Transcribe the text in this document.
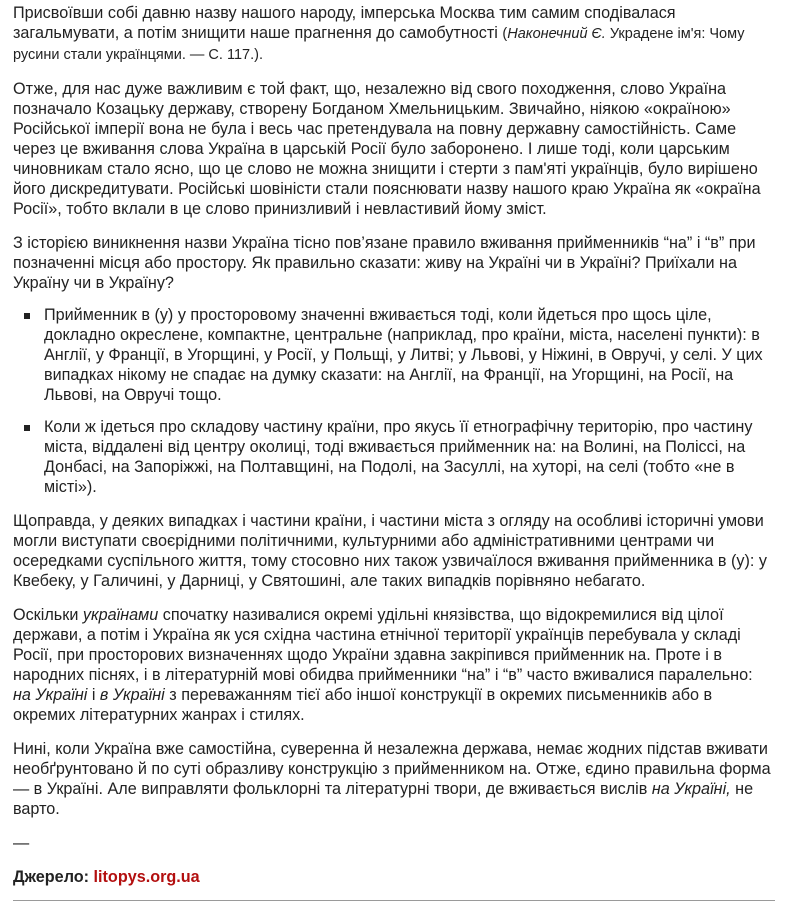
Присвоївши собі давню назву нашого народу, імперська Москва тим самим сподівалася загальмувати, а потім знищити наше прагнення до самобутності (Наконечний Є. Украдене ім'я: Чому русини стали українцями. — С. 117.).

Отже, для нас дуже важливим є той факт, що, незалежно від свого походження, слово Україна позначало Козацьку державу, створену Богданом Хмельницьким. Звичайно, ніякою «окраїною» Російської імперії вона не була і весь час претендувала на повну державну самостійність. Саме через це вживання слова Україна в царській Росії було заборонено. І лише тоді, коли царським чиновникам стало ясно, що це слово не можна знищити і стерти з пам'яті українців, було вирішено його дискредитувати. Російські шовіністи стали пояснювати назву нашого краю Україна як «окраїна Росії», тобто вклали в це слово принизливий і невластивий йому зміст.

З історією виникнення назви Україна тісно пов’язане правило вживання прийменників “на” і “в” при позначенні місця або простору. Як правильно сказати: живу на Україні чи в Україні? Приїхали на Україну чи в Україну?

Прийменник в (у) у просторовому значенні вживається тоді, коли йдеться про щось ціле, докладно окреслене, компактне, центральне (наприклад, про країни, міста, населені пункти): в Англії, у Франції, в Угорщині, у Росії, у Польщі, у Литві; у Львові, у Ніжині, в Овручі, у селі. У цих випадках нікому не спадає на думку сказати: на Англії, на Франції, на Угорщині, на Росії, на Львові, на Овручі тощо.
Коли ж ідеться про складову частину країни, про якусь її етнографічну територію, про частину міста, віддалені від центру околиці, тоді вживається прийменник на: на Волині, на Поліссі, на Донбасі, на Запоріжжі, на Полтавщині, на Подолі, на Засуллі, на хуторі, на селі (тобто «не в місті»).

Щоправда, у деяких випадках і частини країни, і частини міста з огляду на особливі історичні умови могли виступати своєрідними політичними, культурними або адміністративними центрами чи осередками суспільного життя, тому стосовно них також узвичаїлося вживання прийменника в (у): у Квебеку, у Галичині, у Дарниці, у Святошині, але таких випадків порівняно небагато.

Оскільки українами спочатку називалися окремі удільні князівства, що відокремилися від цілої держави, а потім і Україна як уся східна частина етнічної території українців перебувала у складі Росії, при просторових визначеннях щодо України здавна закріпився прийменник на. Проте і в народних піснях, і в літературній мові обидва прийменники “на” і “в” часто вживалися паралельно: на Україні і в Україні з переважанням тієї або іншої конструкції в окремих письменників або в окремих літературних жанрах і стилях.

Нині, коли Україна вже самостійна, суверенна й незалежна держава, немає жодних підстав вживати необґрунтовано й по суті образливу конструкцію з прийменником на. Отже, єдино правильна форма — в Україні. Але виправляти фольклорні та літературні твори, де вживається вислів на Україні, не варто.

—
Джерело: litopys.org.ua
